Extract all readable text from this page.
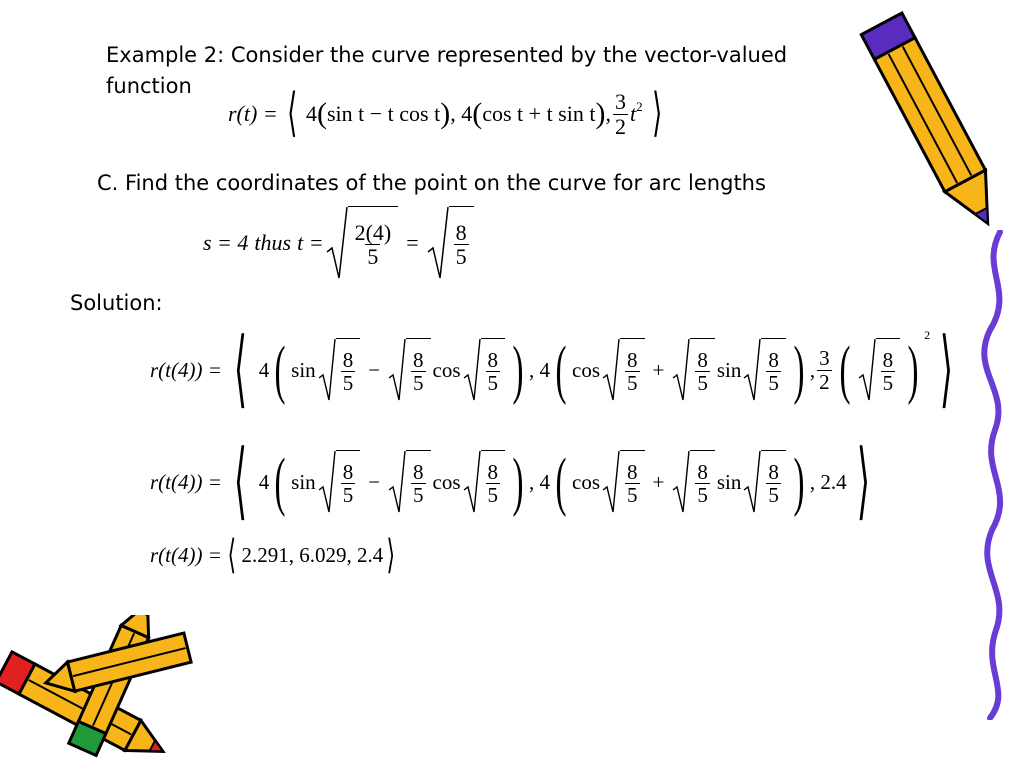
Example 2: Consider the curve represented by the vector-valued
function
r(t) = ⟨ 4 ( sin t − t cos t ) , 4 ( cos t + t sin t ) , $\frac{3}{2} t^2$ ⟩
C. Find the coordinates of the point on the curve for arc lengths
s = 4 thus $t = \frac{2(4)}{5} = \frac{8}{5}$
Solution:
r(t(4)) = ⟨ 4 ( $\sin \frac{8}{5} - \frac{8}{5}$ $\cos \frac{8}{5}$ ) , 4 ( $\cos \frac{8}{5} + \frac{8}{5}$ $\sin \frac{8}{5}$ ) , $\frac{3}{2}$ ( $\frac{8}{5}$ ) $^2$ ⟩
r(t(4)) = ⟨ 4 ( $\sin \frac{8}{5} - \frac{8}{5}$ $\cos \frac{8}{5}$ ) , 4 ( $\cos \frac{8}{5} + \frac{8}{5}$ $\sin \frac{8}{5}$ ) , 2.4 ⟩
r(t(4)) = ⟨ 2.291, 6.029, 2.4 ⟩
